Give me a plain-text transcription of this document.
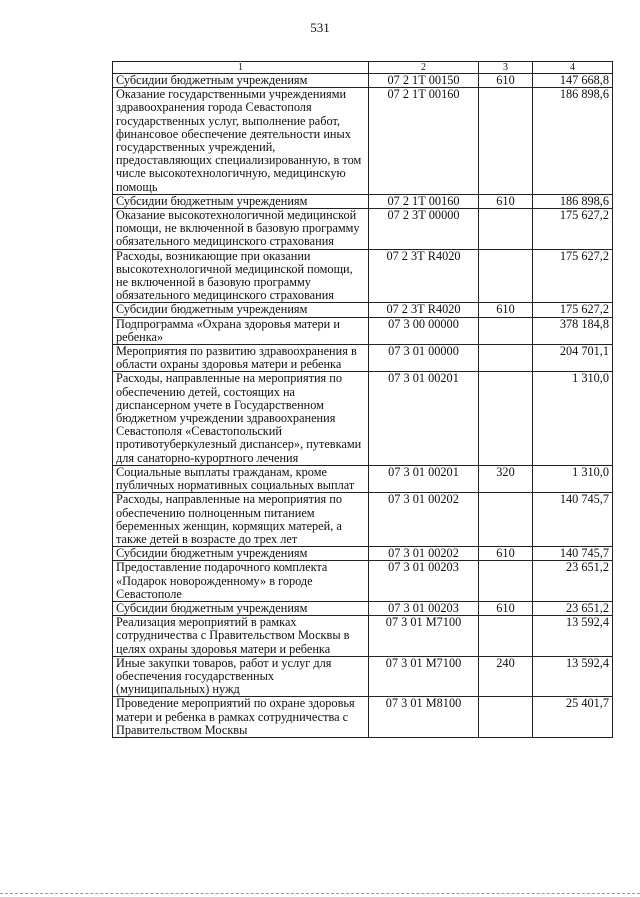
531
1	2	3	4
Субсидии бюджетным учреждениям	07 2 1Т 00150	610	147 668,8
Оказание государственными учреждениями здравоохранения города Севастополя государственных услуг, выполнение работ, финансовое обеспечение деятельности иных государственных учреждений, предоставляющих специализированную, в том числе высокотехнологичную, медицинскую помощь	07 2 1Т 00160		186 898,6
Субсидии бюджетным учреждениям	07 2 1Т 00160	610	186 898,6
Оказание высокотехнологичной медицинской помощи, не включенной в базовую программу обязательного медицинского страхования	07 2 3Т 00000		175 627,2
Расходы, возникающие при оказании высокотехнологичной медицинской помощи, не включенной в базовую программу обязательного медицинского страхования	07 2 3Т R4020		175 627,2
Субсидии бюджетным учреждениям	07 2 3Т R4020	610	175 627,2
Подпрограмма «Охрана здоровья матери и ребенка»	07 3 00 00000		378 184,8
Мероприятия по развитию здравоохранения в области охраны здоровья матери и ребенка	07 3 01 00000		204 701,1
Расходы, направленные на мероприятия по обеспечению детей, состоящих на диспансерном учете в Государственном бюджетном учреждении здравоохранения Севастополя «Севастопольский противотуберкулезный диспансер», путевками для санаторно-курортного лечения	07 3 01 00201		1 310,0
Социальные выплаты гражданам, кроме публичных нормативных социальных выплат	07 3 01 00201	320	1 310,0
Расходы, направленные на мероприятия по обеспечению полноценным питанием беременных женщин, кормящих матерей, а также детей в возрасте до трех лет	07 3 01 00202		140 745,7
Субсидии бюджетным учреждениям	07 3 01 00202	610	140 745,7
Предоставление подарочного комплекта «Подарок новорожденному» в городе Севастополе	07 3 01 00203		23 651,2
Субсидии бюджетным учреждениям	07 3 01 00203	610	23 651,2
Реализация мероприятий в рамках сотрудничества с Правительством Москвы в целях охраны здоровья матери и ребенка	07 3 01 М7100		13 592,4
Иные закупки товаров, работ и услуг для обеспечения государственных (муниципальных) нужд	07 3 01 М7100	240	13 592,4
Проведение мероприятий по охране здоровья матери и ребенка в рамках сотрудничества с Правительством Москвы	07 3 01 М8100		25 401,7
